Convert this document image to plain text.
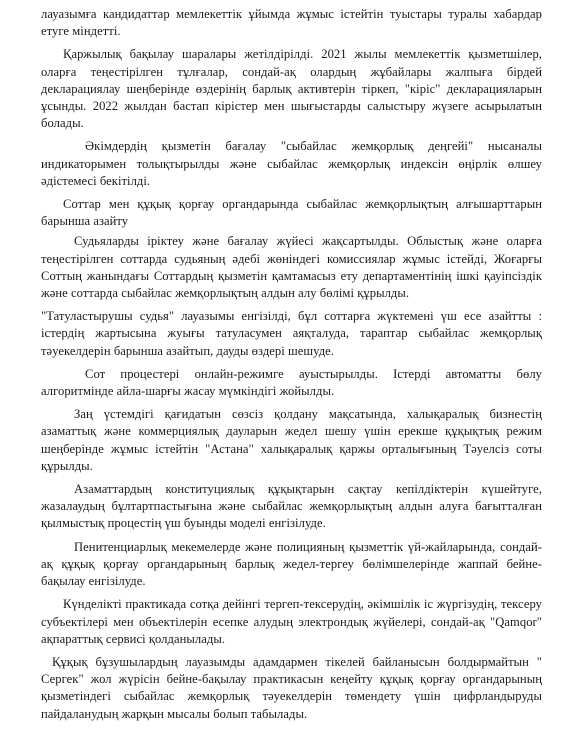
лауазымға кандидаттар мемлекеттік ұйымда жұмыс істейтін туыстары туралы хабардар етуге міндетті.

Қаржылық бақылау шаралары жетілдірілді. 2021 жылы мемлекеттік қызметшілер, оларға теңестірілген тұлғалар, сондай-ақ олардың жұбайлары жалпыға бірдей декларациялау шеңберінде өздерінің барлық активтерін тіркеп, "кіріс" декларацияларын ұсынды. 2022 жылдан бастап кірістер мен шығыстарды салыстыру жүзеге асырылатын болады.

Әкімдердің қызметін бағалау "сыбайлас жемқорлық деңгейі" нысаналы индикаторымен толықтырылды және сыбайлас жемқорлық индексін өңірлік өлшеу әдістемесі бекітілді.

Соттар мен құқық қорғау органдарында сыбайлас жемқорлықтың алғышарттарын барынша азайту

Судьяларды іріктеу және бағалау жүйесі жақсартылды. Облыстық және оларға теңестірілген соттарда судьяның әдебі жөніндегі комиссиялар жұмыс істейді, Жоғарғы Соттың жанындағы Соттардың қызметін қамтамасыз ету департаментінің ішкі қауіпсіздік және соттарда сыбайлас жемқорлықтың алдын алу бөлімі құрылды.

"Татуластырушы судья" лауазымы енгізілді, бұл соттарға жүктемені үш есе азайтты : істердің жартысына жуығы татуласумен аяқталуда, тараптар сыбайлас жемқорлық тәуекелдерін барынша азайтып, дауды өздері шешуде.

Сот процестері онлайн-режимге ауыстырылды. Істерді автоматты бөлу алгоритмінде айла-шарғы жасау мүмкіндігі жойылды.

Заң үстемдігі қағидатын сөзсіз қолдану мақсатында, халықаралық бизнестің азаматтық және коммерциялық дауларын жедел шешу үшін ерекше құқықтық режим шеңберінде жұмыс істейтін "Астана" халықаралық қаржы орталығының Тәуелсіз соты құрылды.

Азаматтардың конституциялық құқықтарын сақтау кепілдіктерін күшейтуге, жазалаудың бұлтартпастығына және сыбайлас жемқорлықтың алдын алуға бағытталған қылмыстық процестің үш буынды моделі енгізілуде.

Пенитенциарлық мекемелерде және полицияның қызметтік үй-жайларында, сондай-ақ құқық қорғау органдарының барлық жедел-тергеу бөлімшелерінде жаппай бейне-бақылау енгізілуде.

Күнделікті практикада сотқа дейінгі тергеп-тексерудің, әкімшілік іс жүргізудің, тексеру субъектілері мен объектілерін есепке алудың электрондық жүйелері, сондай-ақ "Qamqor" ақпараттық сервисі қолданылады.

Құқық бұзушылардың лауазымды адамдармен тікелей байланысын болдырмайтын " Сергек" жол жүрісін бейне-бақылау практикасын кеңейту құқық қорғау органдарының қызметіндегі сыбайлас жемқорлық тәуекелдерін төмендету үшін цифрландыруды пайдаланудың жарқын мысалы болып табылады.
